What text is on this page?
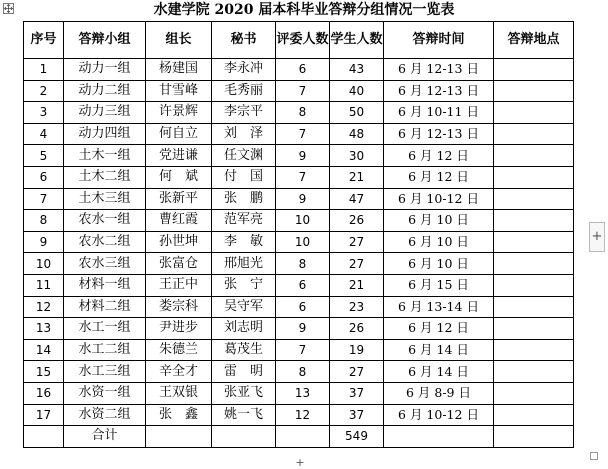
水建学院 2020 届本科毕业答辩分组情况一览表
序号	答辩小组	组长	秘书	评委人数	学生人数	答辩时间	答辩地点
1	动力一组	杨建国	李永冲	6	43	6 月 12-13 日	
2	动力二组	甘雪峰	毛秀丽	7	40	6 月 12-13 日	
3	动力三组	许景辉	李宗平	8	50	6 月 10-11 日	
4	动力四组	何自立	刘　泽	7	48	6 月 12-13 日	
5	土木一组	党进谦	任文渊	9	30	6 月 12 日	
6	土木二组	何　斌	付　国	7	21	6 月 12 日	
7	土木三组	张新平	张　鹏	9	47	6 月 10-12 日	
8	农水一组	曹红霞	范军亮	10	26	6 月 10 日	
9	农水二组	孙世坤	李　敏	10	27	6 月 10 日	
10	农水三组	张富仓	邢旭光	8	27	6 月 10 日	
11	材料一组	王正中	张　宁	6	21	6 月 15 日	
12	材料二组	娄宗科	吴守军	6	23	6 月 13-14 日	
13	水工一组	尹进步	刘志明	9	26	6 月 12 日	
14	水工二组	朱德兰	葛茂生	7	19	6 月 14 日	
15	水工三组	辛全才	雷　明	8	27	6 月 14 日	
16	水资一组	王双银	张亚飞	13	37	6 月 8-9 日	
17	水资二组	张　鑫	姚一飞	12	37	6 月 10-12 日	
	合计				549		
+
+
